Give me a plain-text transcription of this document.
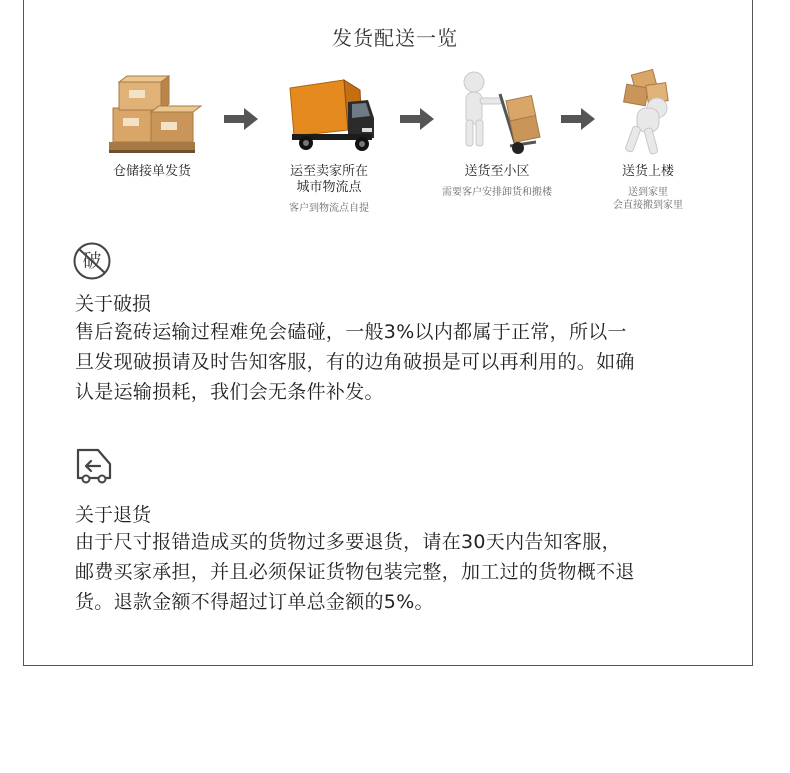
发货配送一览
仓储接单发货	运至卖家所在
城市物流点
客户到物流点自提
送货至小区
需要客户安排卸货和搬楼
送货上楼
送到家里
会直接搬到家里
破
关于破损
售后瓷砖运输过程难免会磕碰，一般3%以内都属于正常，所以一
旦发现破损请及时告知客服，有的边角破损是可以再利用的。如确
认是运输损耗，我们会无条件补发。
关于退货
由于尺寸报错造成买的货物过多要退货，请在30天内告知客服，
邮费买家承担，并且必须保证货物包装完整，加工过的货物概不退
货。退款金额不得超过订单总金额的5%。
